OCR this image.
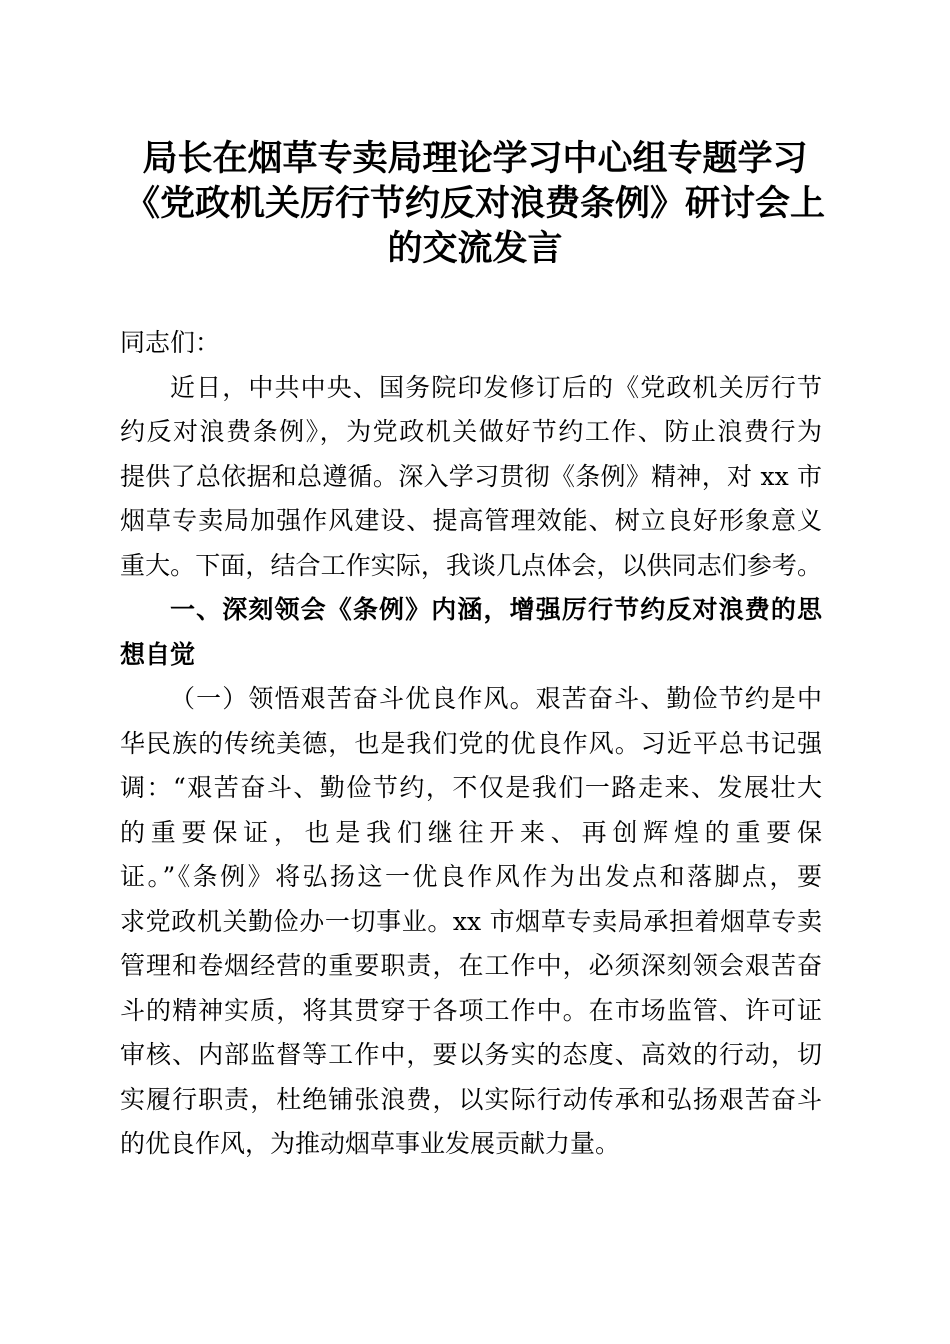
局长在烟草专卖局理论学习中心组专题学习
《党政机关厉行节约反对浪费条例》研讨会上
的交流发言
同志们：
近日，中共中央、国务院印发修订后的《党政机关厉行节
约反对浪费条例》，为党政机关做好节约工作、防止浪费行为
提供了总依据和总遵循。深入学习贯彻《条例》精神，对 xx 市
烟草专卖局加强作风建设、提高管理效能、树立良好形象意义
重大。下面，结合工作实际，我谈几点体会，以供同志们参考。
一、深刻领会《条例》内涵，增强厉行节约反对浪费的思
想自觉
（一）领悟艰苦奋斗优良作风。艰苦奋斗、勤俭节约是中
华民族的传统美德，也是我们党的优良作风。习近平总书记强
调：“艰苦奋斗、勤俭节约，不仅是我们一路走来、发展壮大
的重要保证，也是我们继往开来、再创辉煌的重要保
证。”《条例》将弘扬这一优良作风作为出发点和落脚点，要
求党政机关勤俭办一切事业。xx 市烟草专卖局承担着烟草专卖
管理和卷烟经营的重要职责，在工作中，必须深刻领会艰苦奋
斗的精神实质，将其贯穿于各项工作中。在市场监管、许可证
审核、内部监督等工作中，要以务实的态度、高效的行动，切
实履行职责，杜绝铺张浪费，以实际行动传承和弘扬艰苦奋斗
的优良作风，为推动烟草事业发展贡献力量。
